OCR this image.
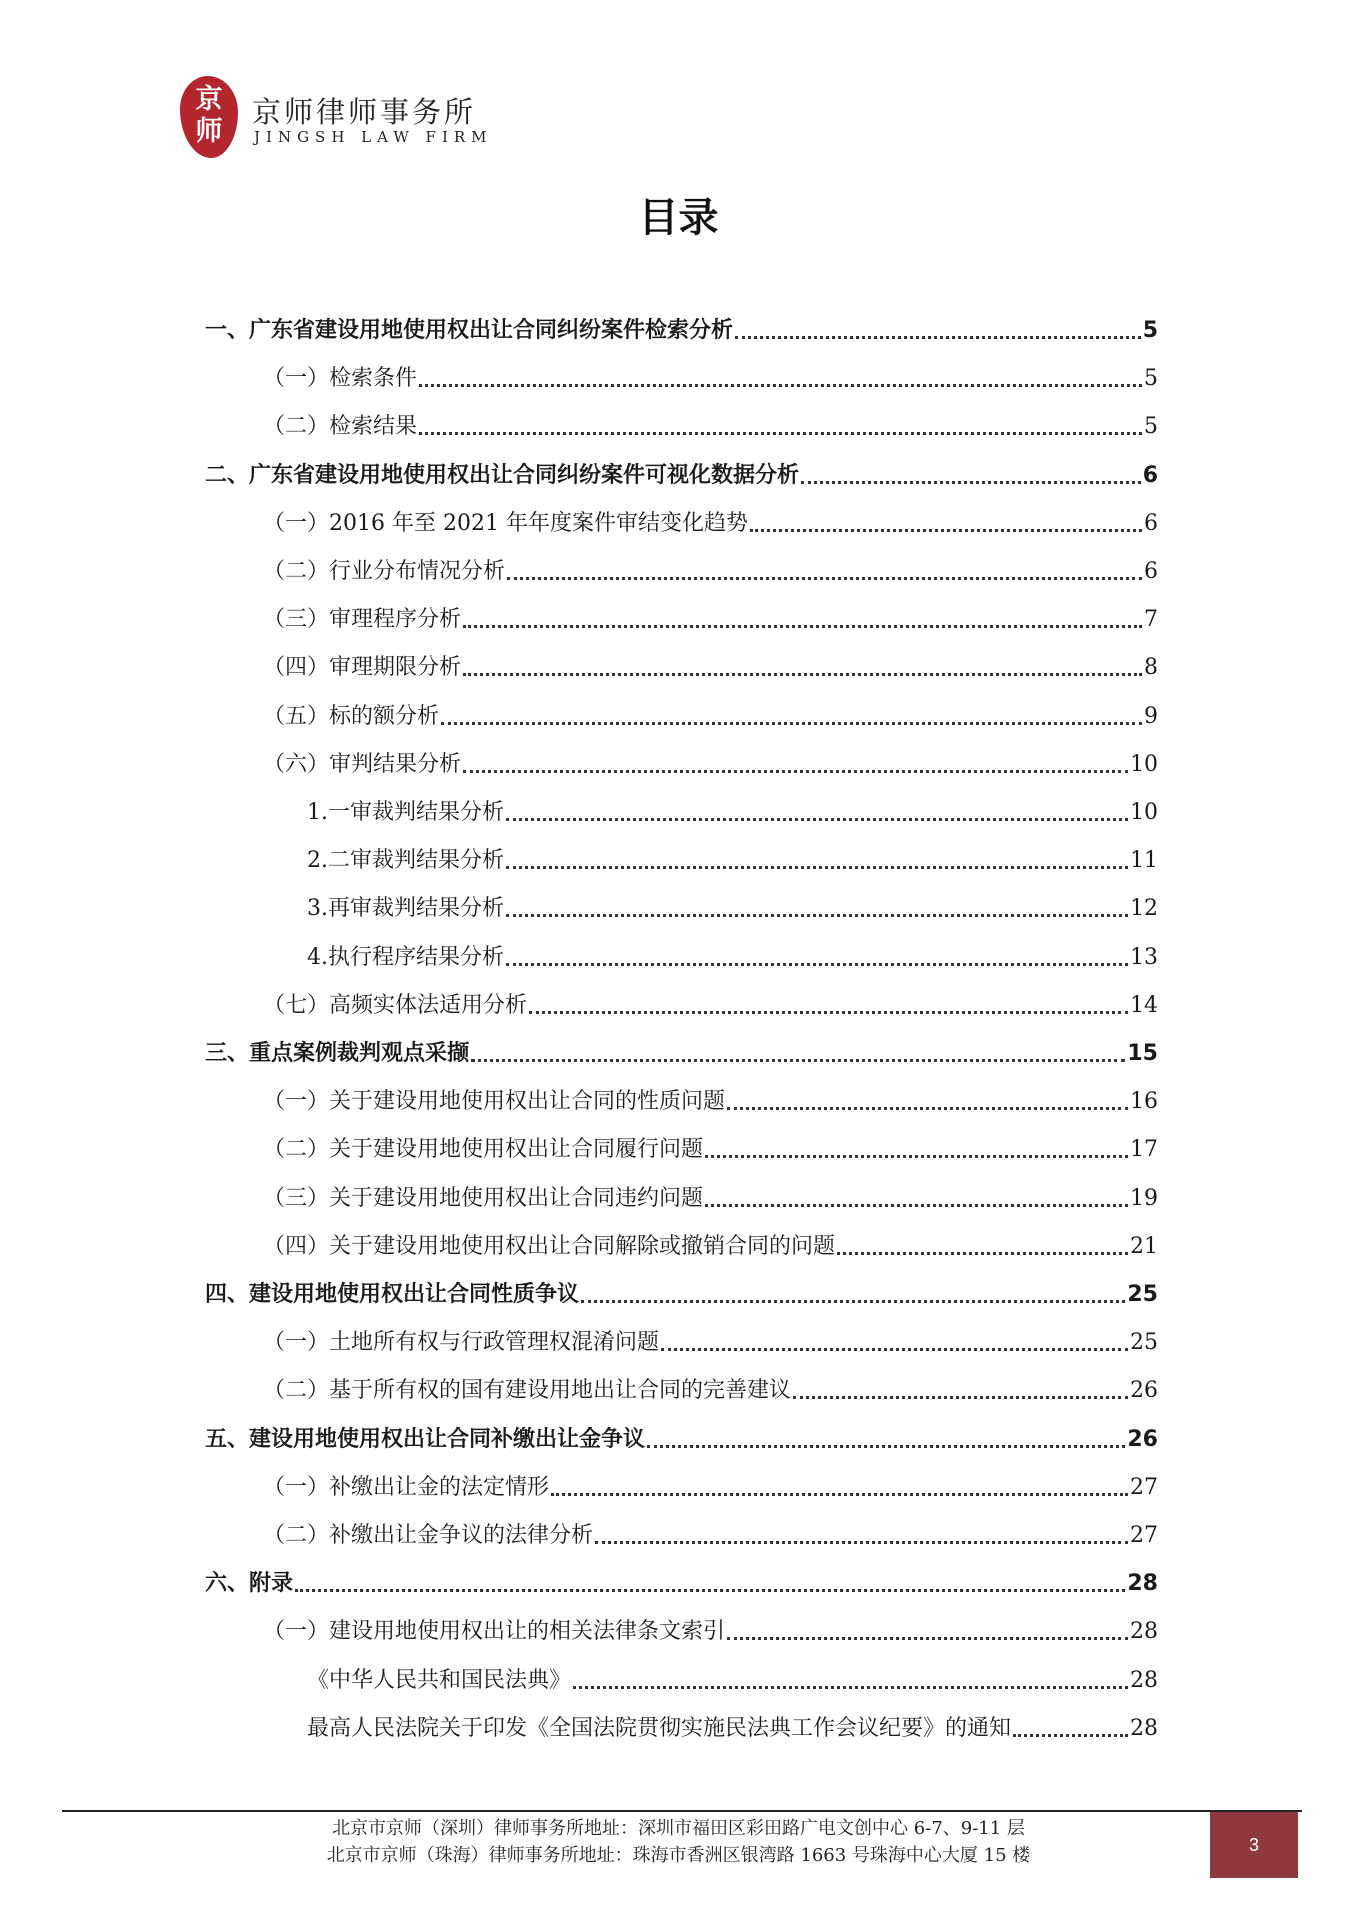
京
师
京师律师事务所
JINGSH LAW FIRM
目录
一、广东省建设用地使用权出让合同纠纷案件检索分析	5
（一）检索条件	5
（二）检索结果	5
二、广东省建设用地使用权出让合同纠纷案件可视化数据分析	6
（一）2016 年至 2021 年年度案件审结变化趋势	6
（二）行业分布情况分析	6
（三）审理程序分析	7
（四）审理期限分析	8
（五）标的额分析	9
（六）审判结果分析	10
1.一审裁判结果分析	10
2.二审裁判结果分析	11
3.再审裁判结果分析	12
4.执行程序结果分析	13
（七）高频实体法适用分析	14
三、重点案例裁判观点采撷	15
（一）关于建设用地使用权出让合同的性质问题	16
（二）关于建设用地使用权出让合同履行问题	17
（三）关于建设用地使用权出让合同违约问题	19
（四）关于建设用地使用权出让合同解除或撤销合同的问题	21
四、建设用地使用权出让合同性质争议	25
（一）土地所有权与行政管理权混淆问题	25
（二）基于所有权的国有建设用地出让合同的完善建议	26
五、建设用地使用权出让合同补缴出让金争议	26
（一）补缴出让金的法定情形	27
（二）补缴出让金争议的法律分析	27
六、附录	28
（一）建设用地使用权出让的相关法律条文索引	28
《中华人民共和国民法典》	28
最高人民法院关于印发《全国法院贯彻实施民法典工作会议纪要》的通知	28
北京市京师（深圳）律师事务所地址：深圳市福田区彩田路广电文创中心 6-7、9-11 层
北京市京师（珠海）律师事务所地址：珠海市香洲区银湾路 1663 号珠海中心大厦 15 楼
3
